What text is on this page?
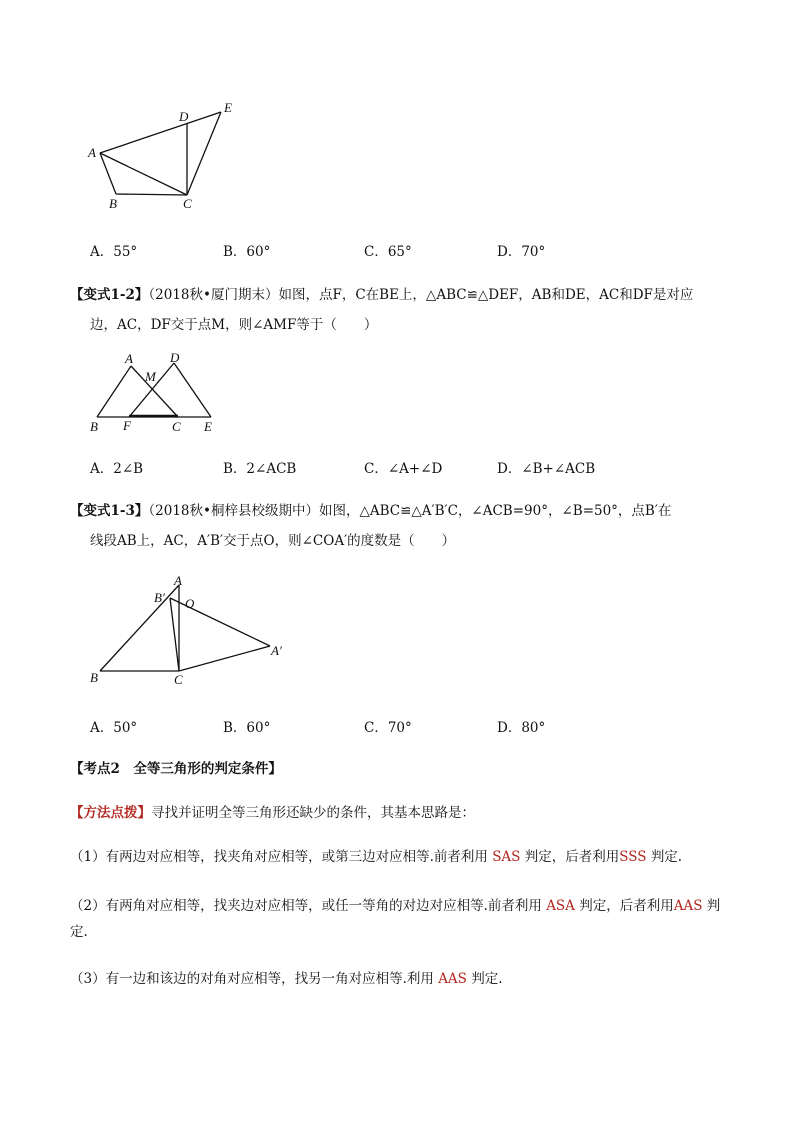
A
B	C
D
E
A．55°	B．60°	C．65°	D．70°
【变式1-2】（2018秋•厦门期末）如图，点F，C在BE上，△ABC≌△DEF，AB和DE，AC和DF是对应
边，AC，DF交于点M，则∠AMF等于（　　）
A	D
M
B F	C E
A．2∠B	B．2∠ACB	C．∠A+∠D	D．∠B+∠ACB
【变式1-3】（2018秋•桐梓县校级期中）如图，△ABC≌△A′B′C，∠ACB=90°，∠B=50°，点B′在
线段AB上，AC，A′B′交于点O，则∠COA′的度数是（　　）
A
B′ O
A′
B	C
A．50°	B．60°	C．70°	D．80°
【考点2　全等三角形的判定条件】
【方法点拨】寻找并证明全等三角形还缺少的条件，其基本思路是：
（1）有两边对应相等，找夹角对应相等，或第三边对应相等.前者利用 SAS 判定，后者利用SSS 判定.
（2）有两角对应相等，找夹边对应相等，或任一等角的对边对应相等.前者利用 ASA 判定，后者利用AAS 判定.
（3）有一边和该边的对角对应相等，找另一角对应相等.利用 AAS 判定.
